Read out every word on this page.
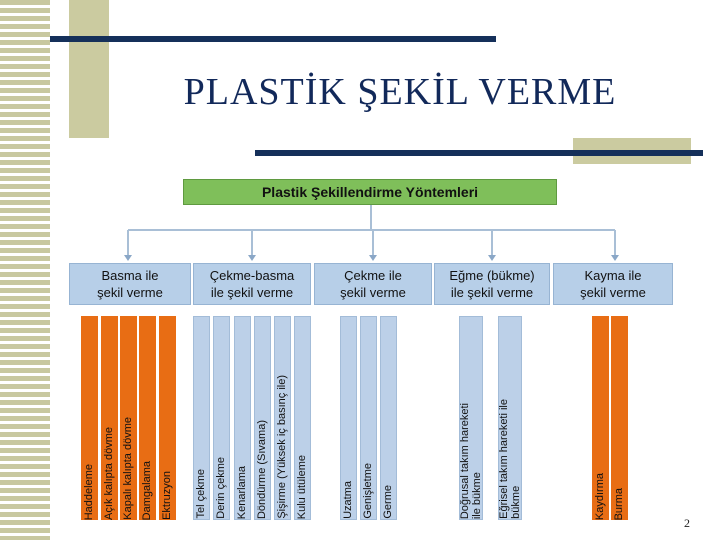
PLASTİK ŞEKİL VERME
Plastik Şekillendirme Yöntemleri
Basma ile
şekil verme
Çekme-basma
ile şekil verme
Çekme ile
şekil verme
Eğme (bükme)
ile şekil verme
Kayma ile
şekil verme
Haddeleme Açık kalıpta dövme Kapalı kalıpta dövme Damgalama Ektruzyon Tel çekme Derin çekme Kenarlama Döndürme (Sıvama) Şişirme (Yüksek iç basınç ile) Kulu ütüleme	Uzatma Genişletme Germe	Doğrusal takım hareketi
ile bükme Eğrisel takım hareketi ile
bükme	Kaydırma Burma
2
